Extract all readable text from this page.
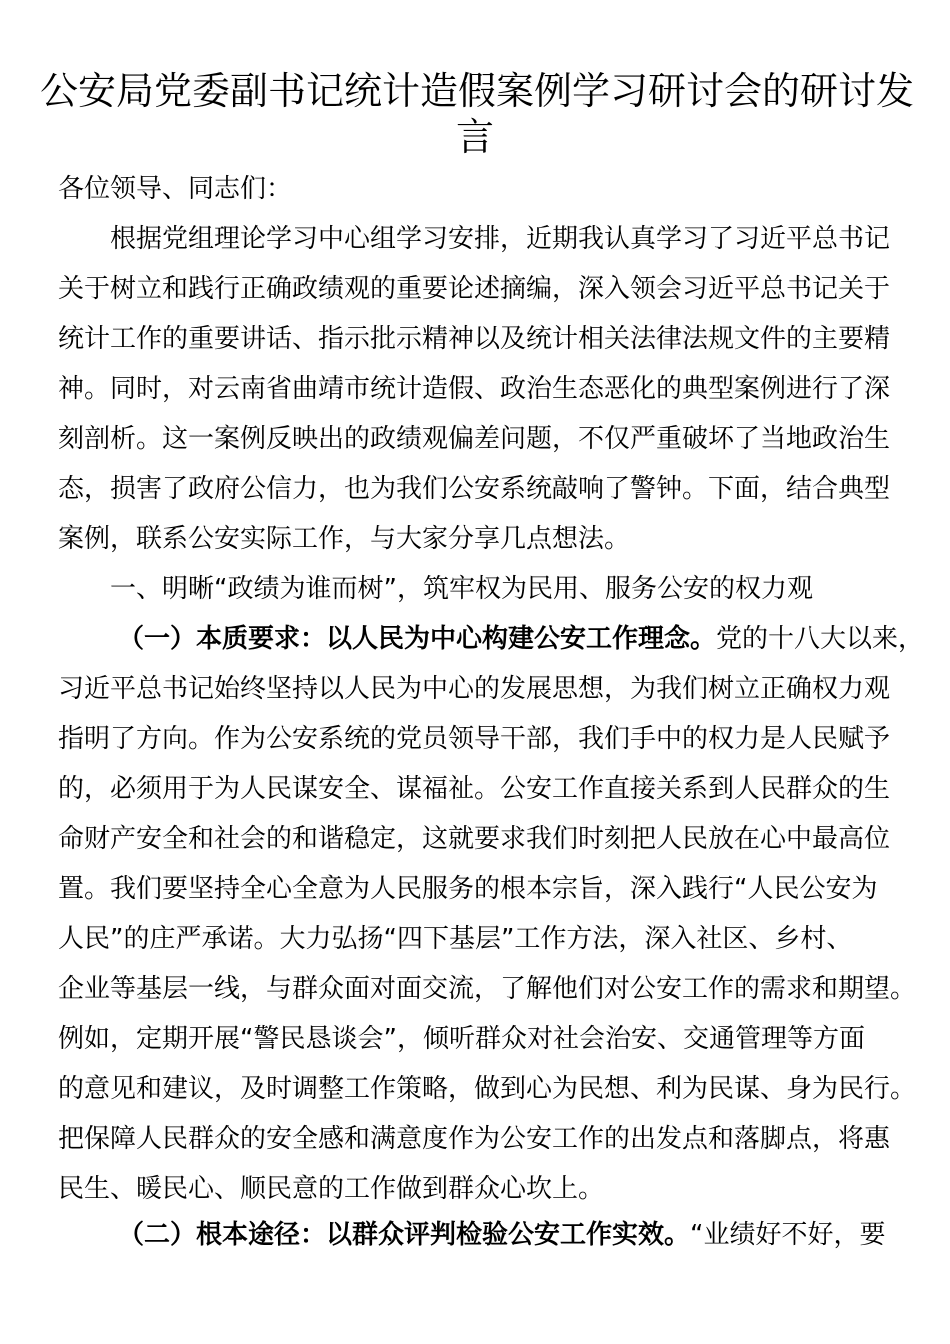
公安局党委副书记统计造假案例学习研讨会的研讨发
言
各位领导、同志们：
根据党组理论学习中心组学习安排，近期我认真学习了习近平总书记
关于树立和践行正确政绩观的重要论述摘编，深入领会习近平总书记关于
统计工作的重要讲话、指示批示精神以及统计相关法律法规文件的主要精
神。同时，对云南省曲靖市统计造假、政治生态恶化的典型案例进行了深
刻剖析。这一案例反映出的政绩观偏差问题，不仅严重破坏了当地政治生
态，损害了政府公信力，也为我们公安系统敲响了警钟。下面，结合典型
案例，联系公安实际工作，与大家分享几点想法。
一、明晰“政绩为谁而树”，筑牢权为民用、服务公安的权力观
（一）本质要求：以人民为中心构建公安工作理念。党的十八大以来，
习近平总书记始终坚持以人民为中心的发展思想，为我们树立正确权力观
指明了方向。作为公安系统的党员领导干部，我们手中的权力是人民赋予
的，必须用于为人民谋安全、谋福祉。公安工作直接关系到人民群众的生
命财产安全和社会的和谐稳定，这就要求我们时刻把人民放在心中最高位
置。我们要坚持全心全意为人民服务的根本宗旨，深入践行“人民公安为
人民”的庄严承诺。大力弘扬“四下基层”工作方法，深入社区、乡村、
企业等基层一线，与群众面对面交流，了解他们对公安工作的需求和期望。
例如，定期开展“警民恳谈会”，倾听群众对社会治安、交通管理等方面
的意见和建议，及时调整工作策略，做到心为民想、利为民谋、身为民行。
把保障人民群众的安全感和满意度作为公安工作的出发点和落脚点，将惠
民生、暖民心、顺民意的工作做到群众心坎上。
（二）根本途径：以群众评判检验公安工作实效。“业绩好不好，要
